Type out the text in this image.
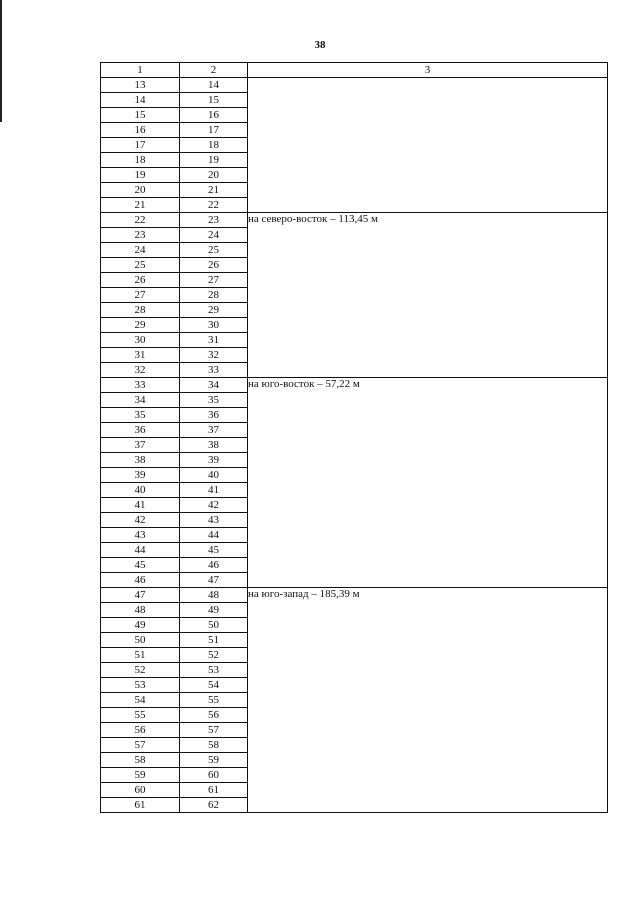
38
1	2	3
13	14	
14	15	
15	16	
16	17	
17	18	
18	19	
19	20	
20	21	
21	22	
22	23	на северо-восток – 113,45 м
23	24	
24	25	
25	26	
26	27	
27	28	
28	29	
29	30	
30	31	
31	32	
32	33	
33	34	на юго-восток – 57,22 м
34	35	
35	36	
36	37	
37	38	
38	39	
39	40	
40	41	
41	42	
42	43	
43	44	
44	45	
45	46	
46	47	
47	48	на юго-запад – 185,39 м
48	49	
49	50	
50	51	
51	52	
52	53	
53	54	
54	55	
55	56	
56	57	
57	58	
58	59	
59	60	
60	61	
61	62	
